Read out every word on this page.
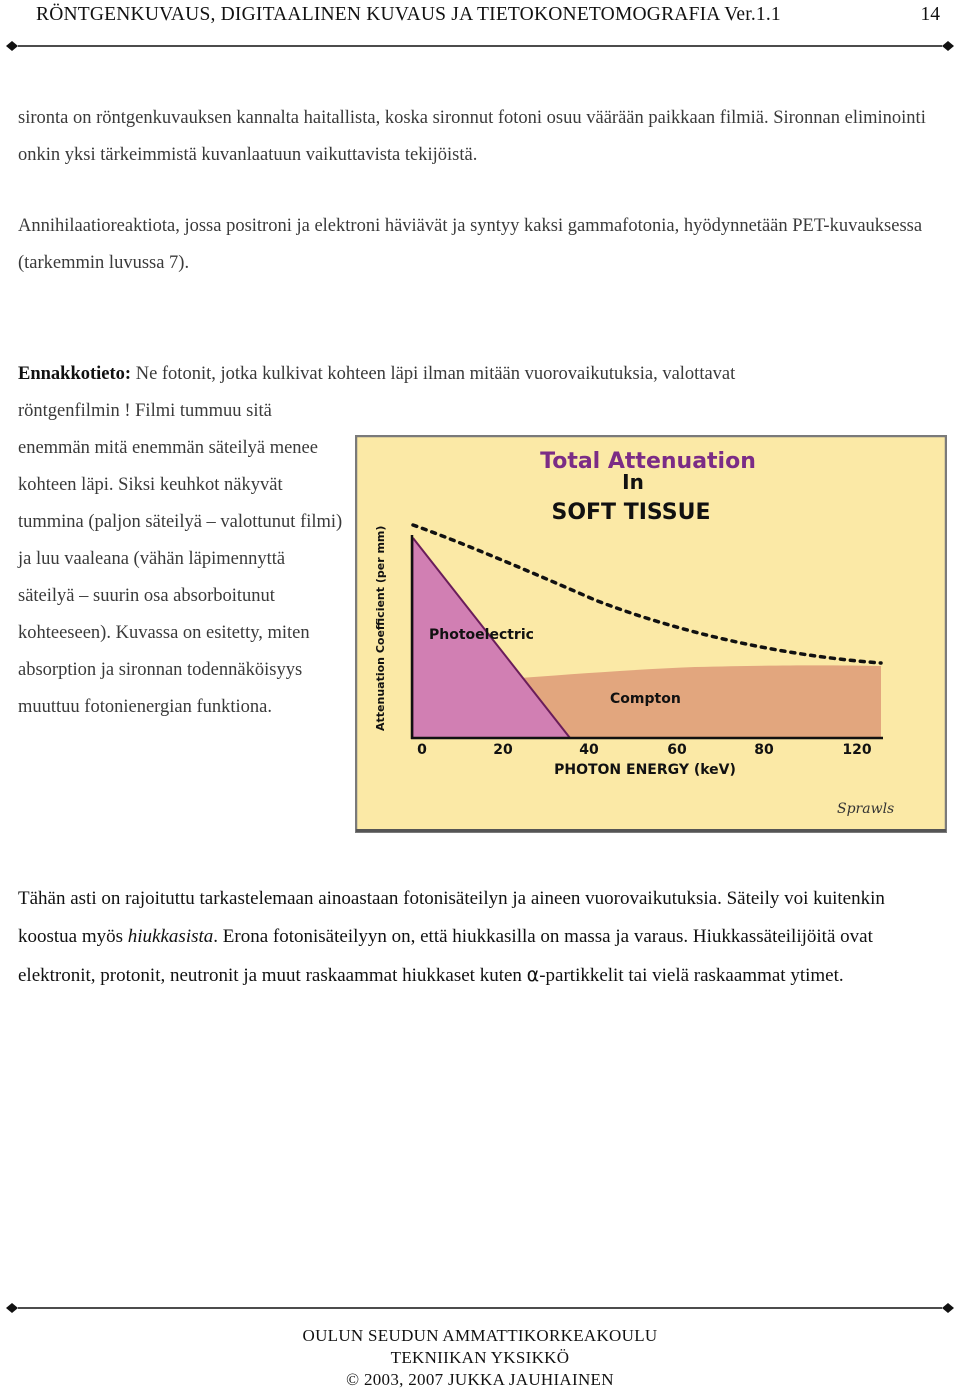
RÖNTGENKUVAUS, DIGITAALINEN KUVAUS JA TIETOKONETOMOGRAFIA Ver.1.1	14
sironta on röntgenkuvauksen kannalta haitallista, koska sironnut fotoni osuu väärään paikkaan filmiä. Sironnan eliminointi onkin yksi tärkeimmistä kuvanlaatuun vaikuttavista tekijöistä.
Annihilaatioreaktiota, jossa positroni ja elektroni häviävät ja syntyy kaksi gammafotonia, hyödynnetään PET-kuvauksessa (tarkemmin luvussa 7).
Ennakkotieto: Ne fotonit, jotka kulkivat kohteen läpi ilman mitään vuorovaikutuksia, valottavat
röntgenfilmin ! Filmi tummuu sitä enemmän mitä enemmän säteilyä menee kohteen läpi. Siksi keuhkot näkyvät tummina (paljon säteilyä – valottunut filmi) ja luu vaaleana (vähän läpimennyttä säteilyä – suurin osa absorboitunut kohteeseen). Kuvassa on esitetty, miten absorption ja sironnan todennäköisyys muuttuu fotonienergian funktiona.
Total Attenuation
In
SOFT TISSUE
Attenuation Coefficient (per mm)	Photoelectric
Compton
0	20	40	60	80	120
PHOTON ENERGY (keV)
Sprawls
Tähän asti on rajoituttu tarkastelemaan ainoastaan fotonisäteilyn ja aineen vuorovaikutuksia. Säteily voi kuitenkin koostua myös hiukkasista. Erona fotonisäteilyyn on, että hiukkasilla on massa ja varaus. Hiukkassäteilijöitä ovat elektronit, protonit, neutronit ja muut raskaammat hiukkaset kuten α-partikkelit tai vielä raskaammat ytimet.
OULUN SEUDUN AMMATTIKORKEAKOULU
TEKNIIKAN YKSIKKÖ
© 2003, 2007 JUKKA JAUHIAINEN
